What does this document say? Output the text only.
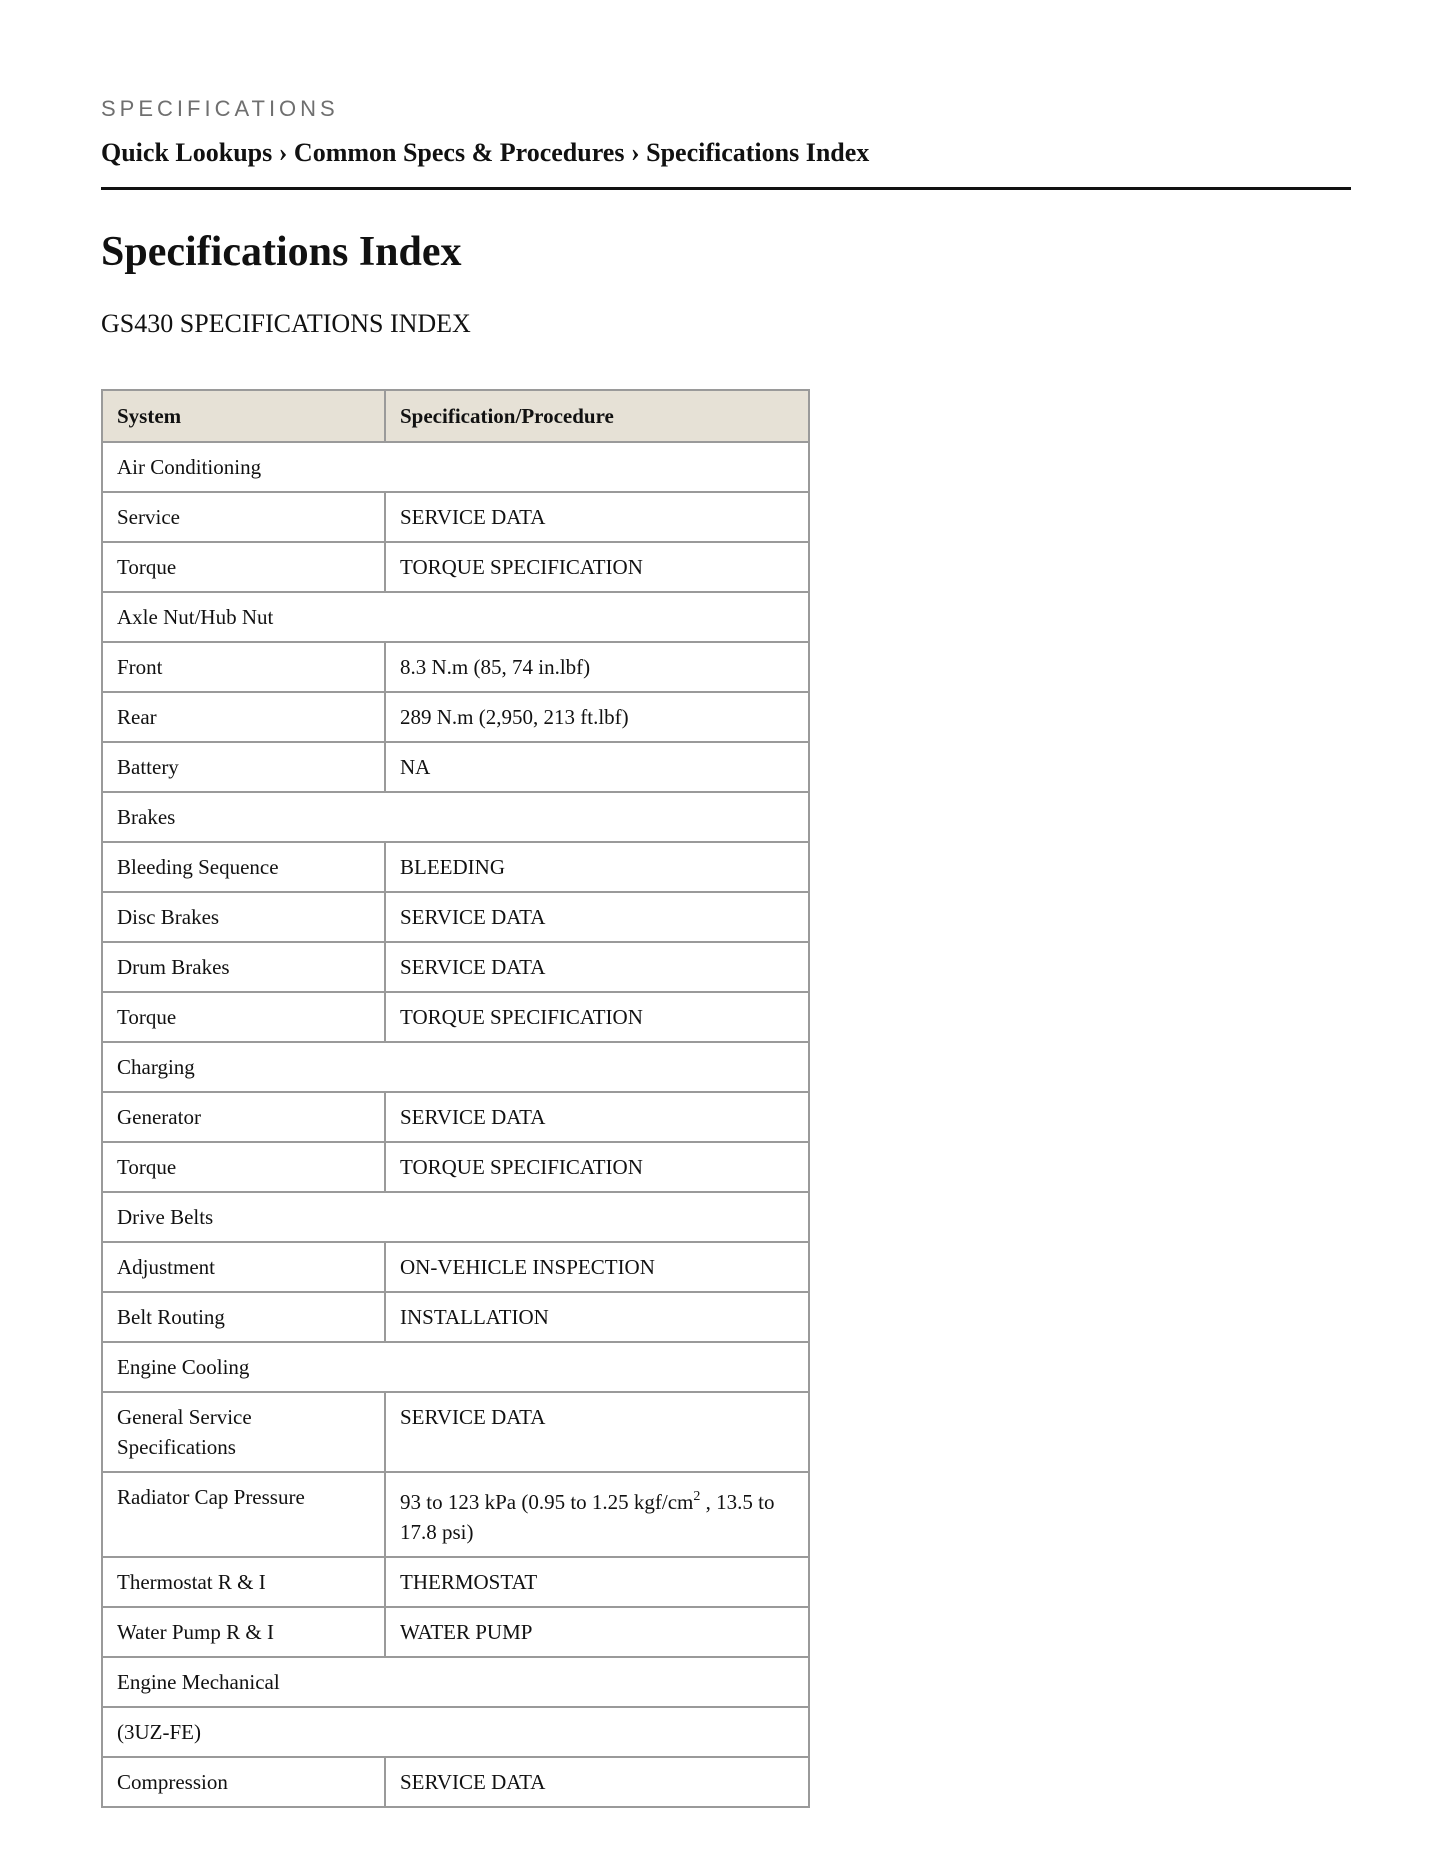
SPECIFICATIONS
Quick Lookups › Common Specs & Procedures › Specifications Index
Specifications Index
GS430 SPECIFICATIONS INDEX
System	Specification/Procedure
Air Conditioning	
Service	SERVICE DATA
Torque	TORQUE SPECIFICATION
Axle Nut/Hub Nut	
Front	8.3 N.m (85, 74 in.lbf)
Rear	289 N.m (2,950, 213 ft.lbf)
Battery	NA
Brakes	
Bleeding Sequence	BLEEDING
Disc Brakes	SERVICE DATA
Drum Brakes	SERVICE DATA
Torque	TORQUE SPECIFICATION
Charging	
Generator	SERVICE DATA
Torque	TORQUE SPECIFICATION
Drive Belts	
Adjustment	ON-VEHICLE INSPECTION
Belt Routing	INSTALLATION
Engine Cooling	
General Service Specifications	SERVICE DATA
Radiator Cap Pressure	93 to 123 kPa (0.95 to 1.25 kgf/$cm^2$ , 13.5 to 17.8 psi)
Thermostat R & I	THERMOSTAT
Water Pump R & I	WATER PUMP
Engine Mechanical	
(3UZ-FE)	
Compression	SERVICE DATA
